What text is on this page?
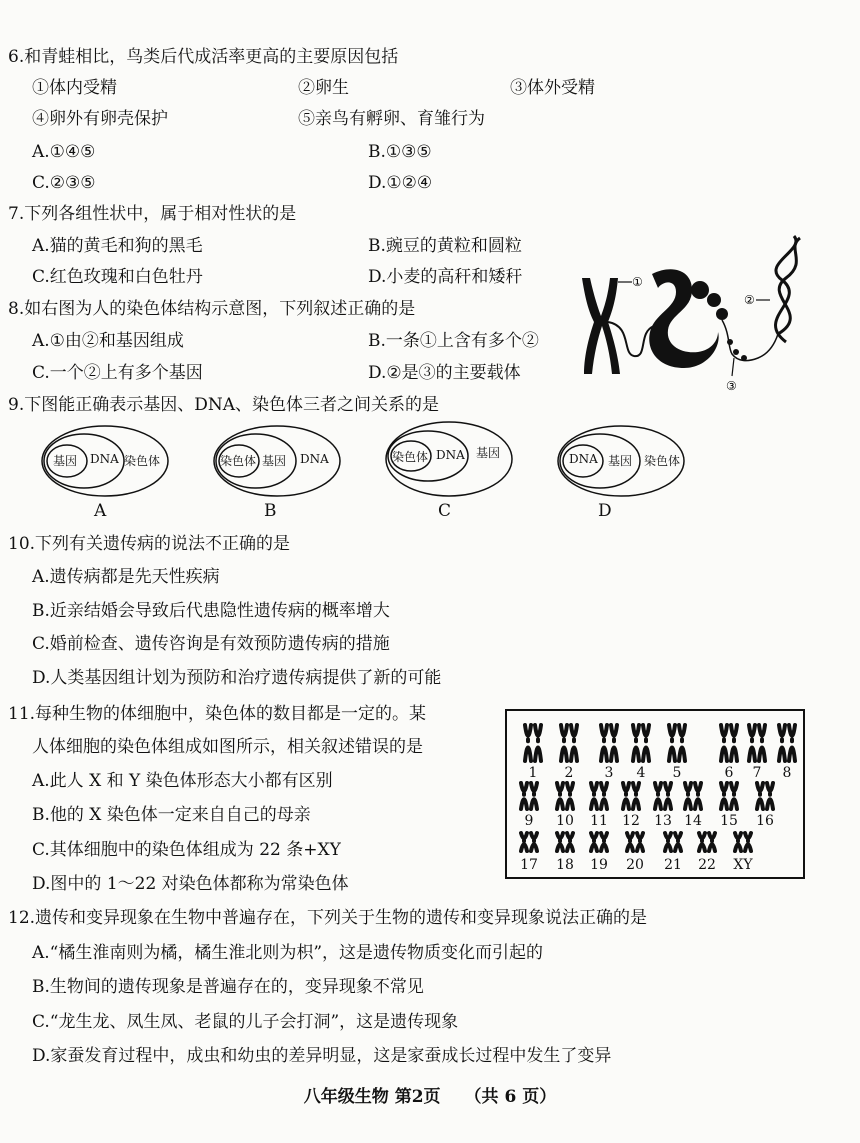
6.和青蛙相比，鸟类后代成活率更高的主要原因包括
①体内受精	②卵生	③体外受精
④卵外有卵壳保护	⑤亲鸟有孵卵、育雏行为
A.①④⑤	B.①③⑤
C.②③⑤	D.①②④
7.下列各组性状中，属于相对性状的是
A.猫的黄毛和狗的黑毛	B.豌豆的黄粒和圆粒
C.红色玫瑰和白色牡丹	D.小麦的高秆和矮秆
8.如右图为人的染色体结构示意图，下列叙述正确的是
A.①由②和基因组成	B.一条①上含有多个②
C.一个②上有多个基因	D.②是③的主要载体
①
③
②
9.下图能正确表示基因、DNA、染色体三者之间关系的是
基因 DNA 染色体
A
染色体 基因 DNA
B
染色体 DNA 基因
C
DNA 基因 染色体
D
10.下列有关遗传病的说法不正确的是
A.遗传病都是先天性疾病
B.近亲结婚会导致后代患隐性遗传病的概率增大
C.婚前检查、遗传咨询是有效预防遗传病的措施
D.人类基因组计划为预防和治疗遗传病提供了新的可能
11.每种生物的体细胞中，染色体的数目都是一定的。某
人体细胞的染色体组成如图所示，相关叙述错误的是
A.此人 X 和 Y 染色体形态大小都有区别
B.他的 X 染色体一定来自自己的母亲
C.其体细胞中的染色体组成为 22 条+XY
D.图中的 1～22 对染色体都称为常染色体
1	2	3	4	5	6	7	8
9	10 11 12 13 14 15 16
17 18 19 20 21 22 XY
12.遗传和变异现象在生物中普遍存在，下列关于生物的遗传和变异现象说法正确的是
A.“橘生淮南则为橘，橘生淮北则为枳”，这是遗传物质变化而引起的
B.生物间的遗传现象是普遍存在的，变异现象不常见
C.“龙生龙、凤生凤、老鼠的儿子会打洞”，这是遗传现象
D.家蚕发育过程中，成虫和幼虫的差异明显，这是家蚕成长过程中发生了变异
八年级生物 第2页 （共 6 页）
